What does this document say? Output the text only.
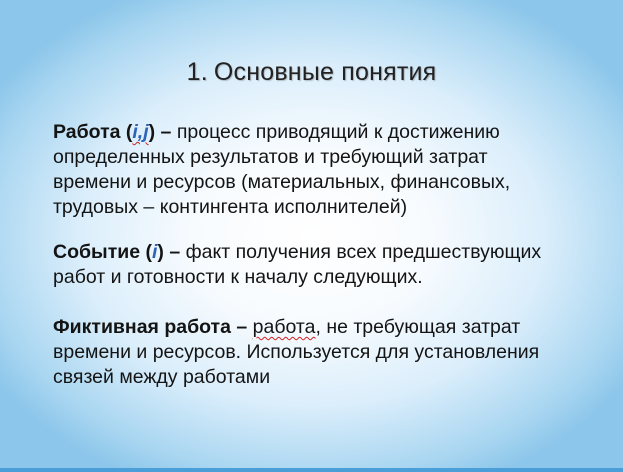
1. Основные понятия
Работа (i,j) – процесс приводящий к достижению
определенных результатов и требующий затрат
времени и ресурсов (материальных, финансовых,
трудовых – контингента исполнителей)
Событие (i) – факт получения всех предшествующих
работ и готовности к началу следующих.
Фиктивная работа – работа, не требующая затрат
времени и ресурсов. Используется для установления
связей между работами
